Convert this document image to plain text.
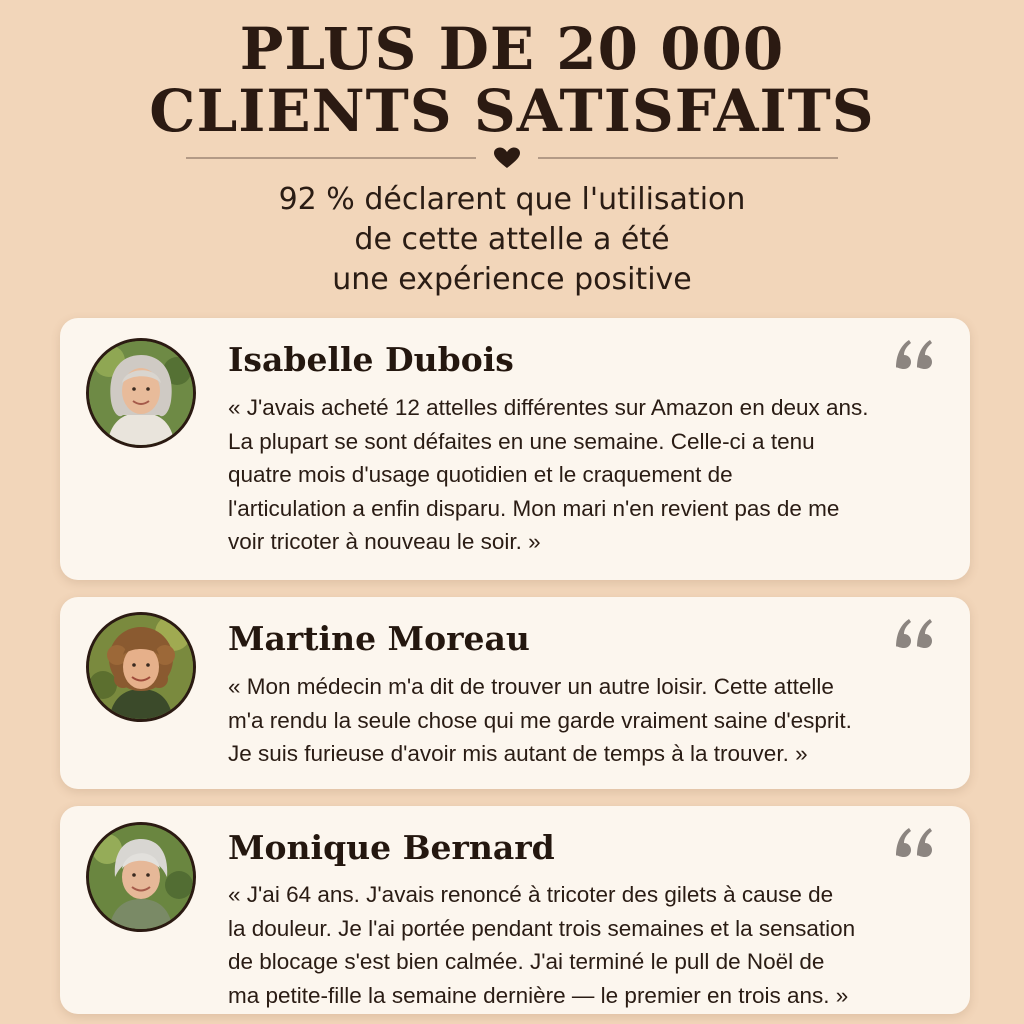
PLUS DE 20 000
CLIENTS SATISFAITS
92 % déclarent que l'utilisation
de cette attelle a été
une expérience positive
Isabelle Dubois
« J'avais acheté 12 attelles différentes sur Amazon en deux ans.
La plupart se sont défaites en une semaine. Celle-ci a tenu
quatre mois d'usage quotidien et le craquement de
l'articulation a enfin disparu. Mon mari n'en revient pas de me
voir tricoter à nouveau le soir. »
Martine Moreau
« Mon médecin m'a dit de trouver un autre loisir. Cette attelle
m'a rendu la seule chose qui me garde vraiment saine d'esprit.
Je suis furieuse d'avoir mis autant de temps à la trouver. »
Monique Bernard
« J'ai 64 ans. J'avais renoncé à tricoter des gilets à cause de
la douleur. Je l'ai portée pendant trois semaines et la sensation
de blocage s'est bien calmée. J'ai terminé le pull de Noël de
ma petite-fille la semaine dernière — le premier en trois ans. »
